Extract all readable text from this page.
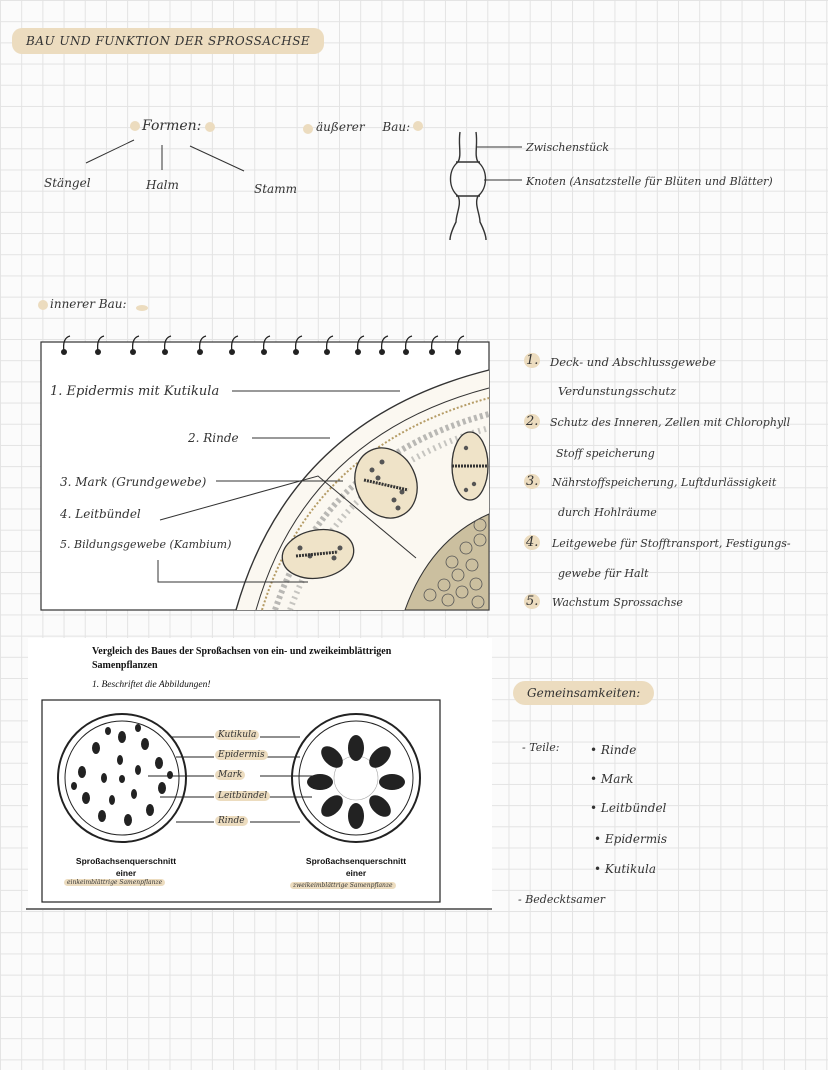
BAU UND FUNKTION DER SPROSSACHSE
Formen:
Stängel	Halm	Stamm
äußerer Bau:
Zwischenstück
Knoten (Ansatzstelle für Blüten und Blätter)
innerer Bau:
1. Epidermis mit Kutikula
2. Rinde
3. Mark (Grundgewebe)
4. Leitbündel
5. Bildungsgewebe (Kambium)
1. Deck- und Abschlussgewebe
Verdunstungsschutz
2. Schutz des Inneren, Zellen mit Chlorophyll
Stoff speicherung
3. Nährstoffspeicherung, Luftdurlässigkeit
durch Hohlräume
4. Leitgewebe für Stofftransport, Festigungs-
gewebe für Halt
5. Wachstum Sprossachse
Vergleich des Baues der Sproßachsen von ein- und zweikeimblättrigen
Samenpflanzen
1. Beschriftet die Abbildungen!
Kutikula
Epidermis
Mark
Leitbündel
Rinde
Sproßachsenquerschnitt
einer
einkeimblättrige Samenpflanze
Sproßachsenquerschnitt
einer
zweikeimblättrige Samenpflanze
Gemeinsamkeiten:
- Teile:	• Rinde
• Mark
• Leitbündel
• Epidermis
• Kutikula
- Bedecktsamer
